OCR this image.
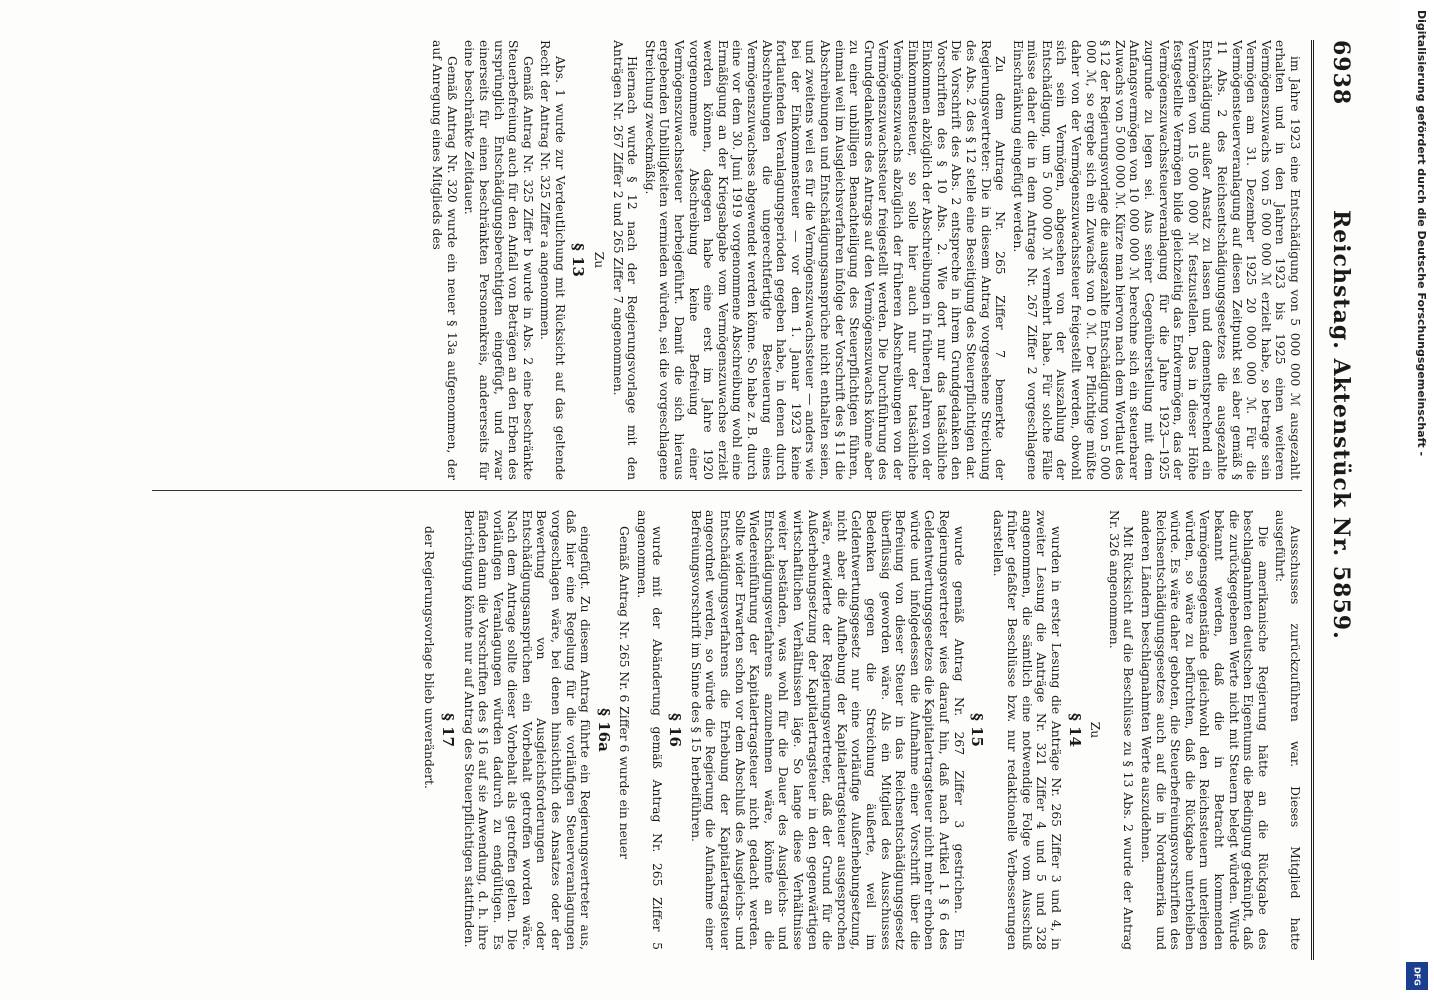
6938
Reichstag. Aktenstück Nr. 5859.

im Jahre 1923 eine Entschädigung von 5 000 000 ℳ ausgezahlt erhalten und in den Jahren 1923 bis 1925 einen weiteren Vermögenszuwachs von 5 000 000 ℳ erzielt habe, so betrage sein Vermögen am 31. Dezember 1925 20 000 000 ℳ. Für die Vermögensteuerveranlagung auf diesen Zeitpunkt sei aber gemäß § 11 Abs. 2 des Reichsentschädigungsgesetzes die ausgezahlte Entschädigung außer Ansatz zu lassen und dementsprechend ein Vermögen von 15 000 000 ℳ festzustellen. Das in dieser Höhe festgestellte Vermögen bilde gleichzeitig das Endvermögen, das der Vermögenszuwachssteuerveranlagung für die Jahre 1923—1925 zugrunde zu legen sei. Aus seiner Gegenüberstellung mit dem Anfangsvermögen von 10 000 000 ℳ berechne sich ein steuerbarer Zuwachs von 5 000 000 ℳ. Kürze man hiervon nach dem Wortlaut des § 12 der Regierungsvorlage die ausgezahlte Entschädigung von 5 000 000 ℳ, so ergebe sich ein Zuwachs von 0 ℳ. Der Pflichtige müßte daher von der Vermögenszuwachssteuer freigestellt werden, obwohl sich sein Vermögen, abgesehen von der Auszahlung der Entschädigung, um 5 000 000 ℳ vermehrt habe. Für solche Fälle müsse daher die in dem Antrage Nr. 267 Ziffer 2 vorgeschlagene Einschränkung eingefügt werden.

Zu dem Antrage Nr. 265 Ziffer 7 bemerkte der Regierungsvertreter: Die in diesem Antrag vorgesehene Streichung des Abs. 2 des § 12 stelle eine Beseitigung des Steuerpflichtigen dar. Die Vorschrift des Abs. 2 entspreche in ihrem Grundgedanken den Vorschriften des § 10 Abs. 2. Wie dort nur das tatsächliche Einkommen abzüglich der Abschreibungen in früheren Jahren von der Einkommensteuer, so solle hier auch nur der tatsächliche Vermögenszuwachs abzüglich der früheren Abschreibungen von der Vermögenszuwachssteuer freigestellt werden. Die Durchführung des Grundgedankens des Antrags auf den Vermögenszuwachs könne aber zu einer unbilligen Benachteiligung des Steuerpflichtigen führen, einmal weil im Ausgleichsverfahren infolge der Vorschrift des § 11 die Abschreibungen und Entschädigungsansprüche nicht enthalten seien, und zweitens weil es für die Vermögenszuwachssteuer — anders wie bei der Einkommensteuer — vor dem 1. Januar 1923 keine fortlaufenden Veranlagungsperioden gegeben habe, in denen durch Abschreibungen die ungerechtfertigte Besteuerung eines Vermögenszuwachses abgewendet werden könne. So habe z. B. durch eine vor dem 30. Juni 1919 vorgenommene Abschreibung wohl eine Ermäßigung an der Kriegsabgabe vom Vermögenszuwachse erzielt werden können, dagegen habe eine erst im Jahre 1920 vorgenommene Abschreibung keine Befreiung einer Vermögenszuwachssteuer herbeigeführt. Damit die sich hieraus ergebenden Unbilligkeiten vermieden würden, sei die vorgeschlagene Streichung zweckmäßig.

Hiernach wurde § 12 nach der Regierungsvorlage mit den Anträgen Nr. 267 Ziffer 2 und 265 Ziffer 7 angenommen.

Zu

§ 13

Abs. 1 wurde zur Verdeutlichung mit Rücksicht auf das geltende Recht der Antrag Nr. 325 Ziffer a angenommen.

Gemäß Antrag Nr. 325 Ziffer b wurde in Abs. 2 eine beschränkte Steuerbefreiung auch für den Anfall von Beträgen an den Erben des ursprünglich Entschädigungsberechtigten eingefügt, und zwar einerseits für einen beschränkten Personenkreis, andererseits für eine beschränkte Zeitdauer.

Gemäß Antrag Nr. 320 wurde ein neuer § 13a aufgenommen, der auf Anregung eines Mitglieds des

Ausschusses zurückzuführen war. Dieses Mitglied hatte ausgeführt:

Die amerikanische Regierung hätte an die Rückgabe des beschlagnahmten deutschen Eigentums die Bedingung geknüpft, daß die zurückgegebenen Werte nicht mit Steuern belegt würden. Würde bekannt werden, daß die in Betracht kommenden Vermögensgegenstände gleichwohl den Reichssteuern unterliegen würden, so wäre zu befürchten, daß die Rückgabe unterbleiben würde. Es wäre daher geboten, die Steuerbefreiungsvorschriften des Reichsentschädigungsgesetzes auch auf die in Nordamerika und anderen Ländern beschlagnahmten Werte auszudehnen.

Mit Rücksicht auf die Beschlüsse zu § 13 Abs. 2 wurde der Antrag Nr. 326 angenommen.

Zu

§ 14

wurden in erster Lesung die Anträge Nr. 265 Ziffer 3 und 4, in zweiter Lesung die Anträge Nr. 321 Ziffer 4 und 5 und 328 angenommen, die sämtlich eine notwendige Folge vom Ausschuß früher gefaßter Beschlüsse bzw. nur redaktionelle Verbesserungen darstellen.

§ 15

wurde gemäß Antrag Nr. 267 Ziffer 3 gestrichen. Ein Regierungsvertreter wies darauf hin, daß nach Artikel 1 § 6 des Geldentwertungsgesetzes die Kapitalertragsteuer nicht mehr erhoben würde und infolgedessen die Aufnahme einer Vorschrift über die Befreiung von dieser Steuer in das Reichsentschädigungsgesetz überflüssig geworden wäre. Als ein Mitglied des Ausschusses Bedenken gegen die Streichung äußerte, weil im Geldentwertungsgesetz nur eine vorläufige Außerhebungsetzung, nicht aber die Aufhebung der Kapitalertragsteuer ausgesprochen wäre, erwiderte der Regierungsvertreter, daß der Grund für die Außerhebungsetzung der Kapitalertragsteuer in den gegenwärtigen wirtschaftlichen Verhältnissen läge. So lange diese Verhältnisse weiter beständen, was wohl für die Dauer des Ausgleichs- und Entschädigungsverfahrens anzunehmen wäre, könnte an die Wiedereinführung der Kapitalertragsteuer nicht gedacht werden. Sollte wider Erwarten schon vor dem Abschluß des Ausgleichs- und Entschädigungsverfahrens die Erhebung der Kapitalertragsteuer angeordnet werden, so würde die Regierung die Aufnahme einer Befreiungsvorschrift im Sinne des § 15 herbeiführen.

§ 16

wurde mit der Abänderung gemäß Antrag Nr. 265 Ziffer 5 angenommen.

Gemäß Antrag Nr. 265 Nr. 6 Ziffer 6 wurde ein neuer

§ 16a

eingefügt. Zu diesem Antrag führte ein Regierungsvertreter aus, daß hier eine Regelung für die vorläufigen Steuerveranlagungen vorgeschlagen wäre, bei denen hinsichtlich des Ansatzes oder der Bewertung von Ausgleichsforderungen oder Entschädigungsansprüchen ein Vorbehalt getroffen worden wäre. Nach dem Antrage sollte dieser Vorbehalt als getroffen gelten. Die vorläufigen Veranlagungen würden dadurch zu endgültigen. Es fänden dann die Vorschriften des § 16 auf sie Anwendung, d. h. ihre Berichtigung könnte nur auf Antrag des Steuerpflichtigen stattfinden.

§ 17

der Regierungsvorlage blieb unverändert.

Digitalisierung gefördert durch die Deutsche Forschungsgemeinschaft -
DFG
